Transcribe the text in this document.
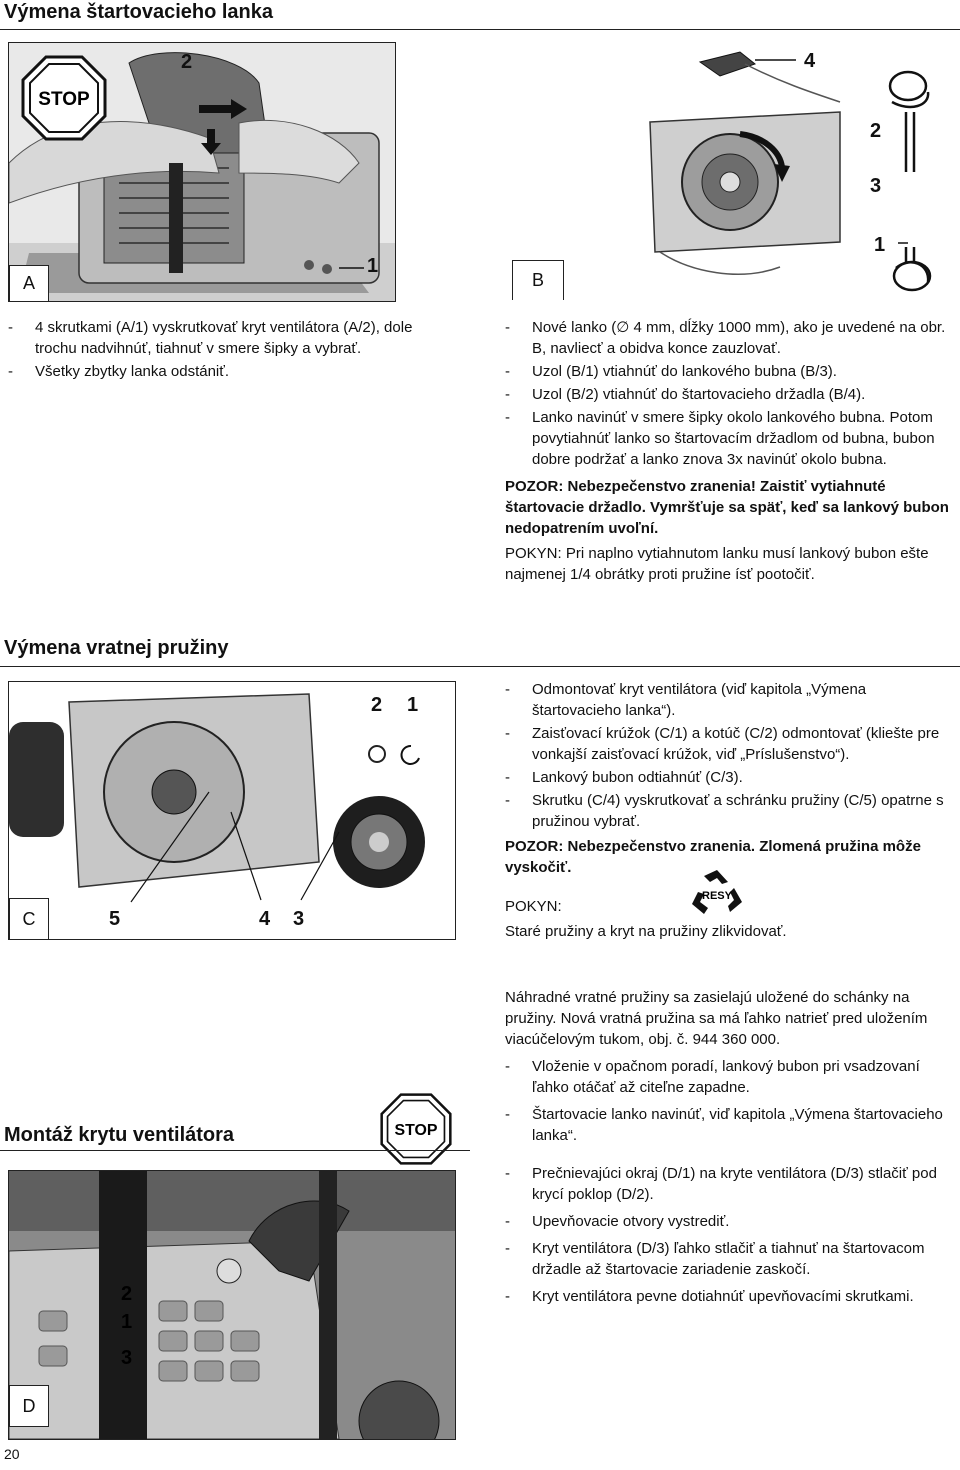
Výmena štartovacieho lanka
STOP
2
1
A
4
2
3
1
B
- 4 skrutkami (A/1) vyskrutkovať kryt ventilátora (A/2), dole trochu nadvihnúť, tiahnuť v smere šipky a vybrať.
- Všetky zbytky lanka odstániť.
- Nové lanko (∅ 4 mm, dĺžky 1000 mm), ako je uvedené na obr. B, navliecť a obidva konce zauzlovať.
- Uzol (B/1) vtiahnúť do lankového bubna (B/3).
- Uzol (B/2) vtiahnúť do štartovacieho držadla (B/4).
- Lanko navinúť v smere šipky okolo lankového bubna. Potom povytiahnúť lanko so štartovacím držadlom od bubna, bubon dobre podržať a lanko znova 3x navinúť okolo bubna.

POZOR: Nebezpečenstvo zranenia! Zaistiť vytiahnuté štartovacie držadlo. Vymršťuje sa späť, keď sa lankový bubon nedopatrením uvoľní.

POKYN: Pri naplno vytiahnutom lanku musí lankový bubon ešte najmenej 1/4 obrátky proti pružine ísť pootočiť.

Výmena vratnej pružiny
2 1
5	4 3
C
- Odmontovať kryt ventilátora (viď kapitola „Výmena štartovacieho lanka“).
- Zaisťovací krúžok (C/1) a kotúč (C/2) odmontovať (kliešte pre vonkajší zaisťovací krúžok, viď „Príslušenstvo“).
- Lankový bubon odtiahnúť (C/3).
- Skrutku (C/4) vyskrutkovať a schránku pružiny (C/5) opatrne s pružinou vybrať.

POZOR: Nebezpečenstvo zranenia. Zlomená pružina môže vyskočiť.

RESY

POKYN:

Staré pružiny a kryt na pružiny zlikvidovať.

Náhradné vratné pružiny sa zasielajú uložené do schánky na pružiny. Nová vratná pružina sa má ľahko natrieť pred uložením viacúčelovým tukom, obj. č. 944 360 000.

- Vloženie v opačnom poradí, lankový bubon pri vsadzovaní ľahko otáčať až citeľne zapadne.
- Štartovacie lanko navinúť, viď kapitola „Výmena štartovacieho lanka“.
Montáž krytu ventilátora	STOP
2
1
3
D
- Prečnievajúci okraj (D/1) na kryte ventilátora (D/3) stlačiť pod krycí poklop (D/2).
- Upevňovacie otvory vystrediť.
- Kryt ventilátora (D/3) ľahko stlačiť a tiahnuť na štartovacom držadle až štartovacie zariadenie zaskočí.
- Kryt ventilátora pevne dotiahnúť upevňovacími skrutkami.
20
